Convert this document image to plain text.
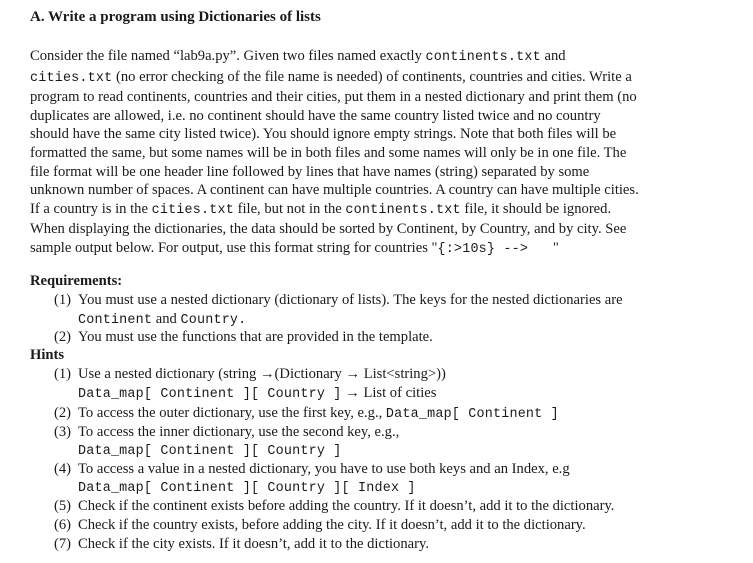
A. Write a program using Dictionaries of lists

Consider the file named “lab9a.py”. Given two files named exactly continents.txt and
cities.txt (no error checking of the file name is needed) of continents, countries and cities. Write a
program to read continents, countries and their cities, put them in a nested dictionary and print them (no
duplicates are allowed, i.e. no continent should have the same country listed twice and no country
should have the same city listed twice). You should ignore empty strings. Note that both files will be
formatted the same, but some names will be in both files and some names will only be in one file. The
file format will be one header line followed by lines that have names (string) separated by some
unknown number of spaces. A continent can have multiple countries. A country can have multiple cities.
If a country is in the cities.txt file, but not in the continents.txt file, it should be ignored.
When displaying the dictionaries, the data should be sorted by Continent, by Country, and by city. See
sample output below. For output, use this format string for countries "{:>10s} -->   "

Requirements:
(1) You must use a nested dictionary (dictionary of lists). The keys for the nested dictionaries are
Continent and Country.
(2) You must use the functions that are provided in the template.
Hints
(1) Use a nested dictionary (string →(Dictionary → List<string>))
Data_map[ Continent ][ Country ] → List of cities
(2) To access the outer dictionary, use the first key, e.g., Data_map[ Continent ]
(3) To access the inner dictionary, use the second key, e.g.,
Data_map[ Continent ][ Country ]
(4) To access a value in a nested dictionary, you have to use both keys and an Index, e.g
Data_map[ Continent ][ Country ][ Index ]
(5) Check if the continent exists before adding the country. If it doesn’t, add it to the dictionary.
(6) Check if the country exists, before adding the city. If it doesn’t, add it to the dictionary.
(7) Check if the city exists. If it doesn’t, add it to the dictionary.
